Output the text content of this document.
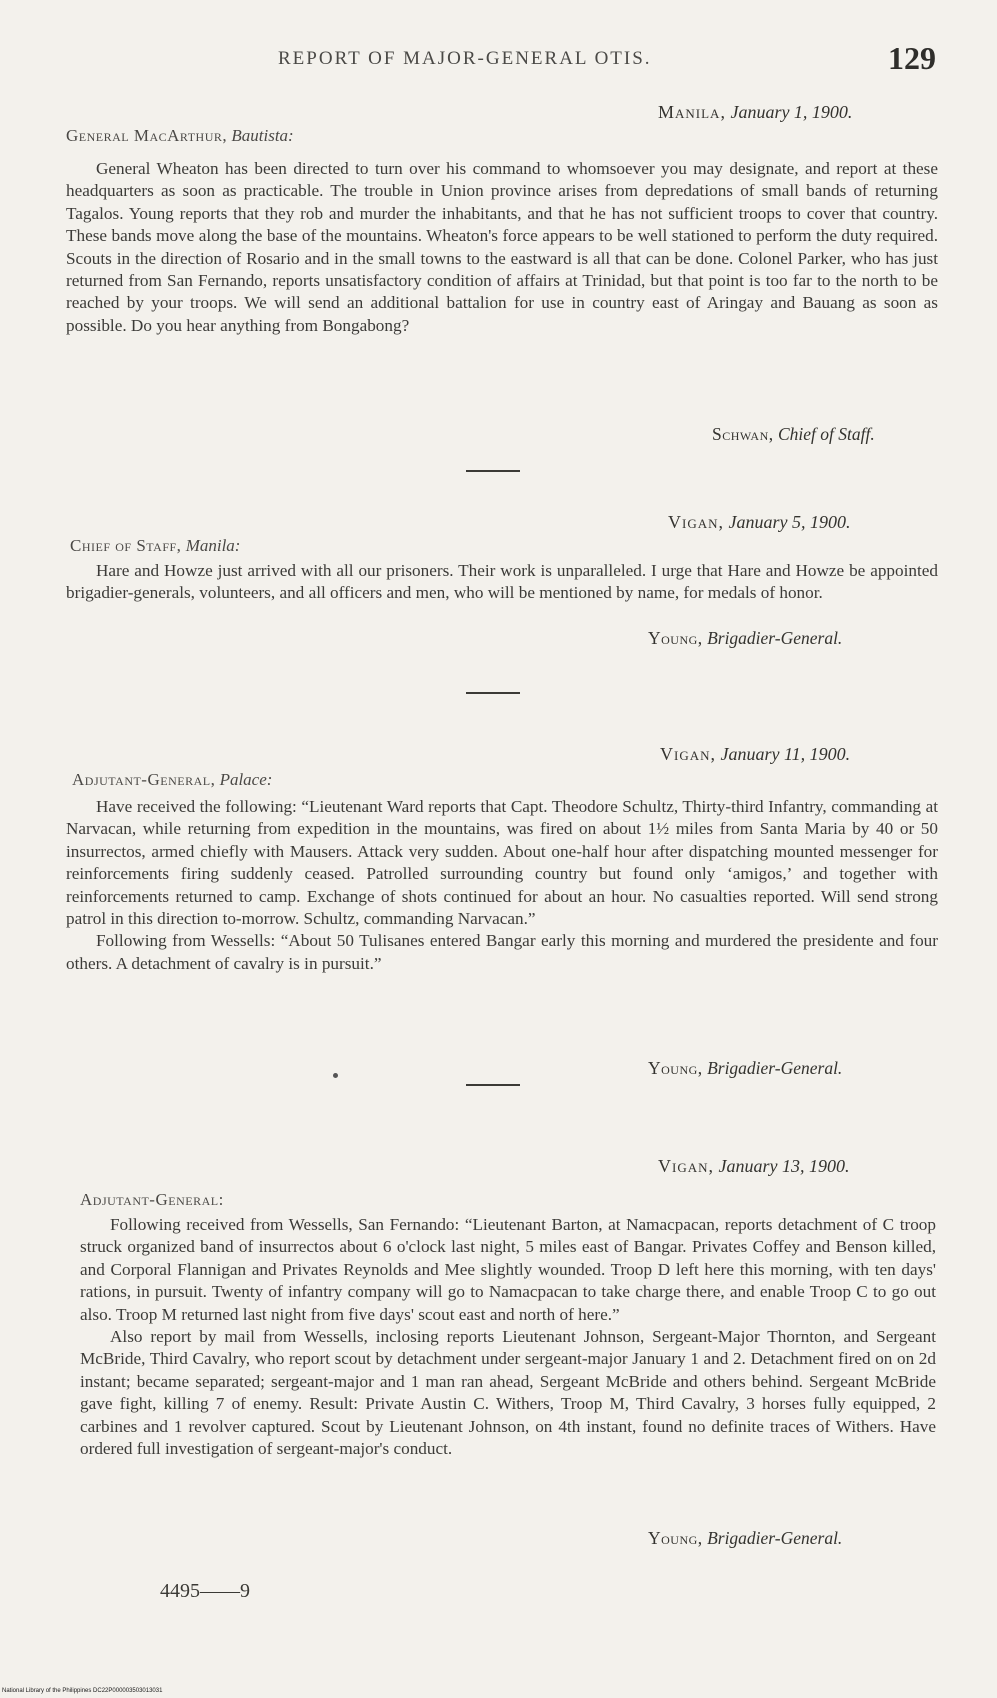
REPORT OF MAJOR-GENERAL OTIS.	129
Manila, January 1, 1900.
General MacArthur, Bautista:

General Wheaton has been directed to turn over his command to whomsoever you may designate, and report at these headquarters as soon as practicable. The trouble in Union province arises from depredations of small bands of returning Tagalos. Young reports that they rob and murder the inhabitants, and that he has not sufficient troops to cover that country. These bands move along the base of the mountains. Wheaton's force appears to be well stationed to perform the duty required. Scouts in the direction of Rosario and in the small towns to the eastward is all that can be done. Colonel Parker, who has just returned from San Fernando, reports unsatisfactory condition of affairs at Trinidad, but that point is too far to the north to be reached by your troops. We will send an additional battalion for use in country east of Aringay and Bauang as soon as possible. Do you hear anything from Bongabong?

Schwan, Chief of Staff.
Vigan, January 5, 1900.
Chief of Staff, Manila:

Hare and Howze just arrived with all our prisoners. Their work is unparalleled. I urge that Hare and Howze be appointed brigadier-generals, volunteers, and all officers and men, who will be mentioned by name, for medals of honor.

Young, Brigadier-General.
Vigan, January 11, 1900.
Adjutant-General, Palace:

Have received the following: “Lieutenant Ward reports that Capt. Theodore Schultz, Thirty-third Infantry, commanding at Narvacan, while returning from expedition in the mountains, was fired on about 1½ miles from Santa Maria by 40 or 50 insurrectos, armed chiefly with Mausers. Attack very sudden. About one-half hour after dispatching mounted messenger for reinforcements firing suddenly ceased. Patrolled surrounding country but found only ‘amigos,’ and together with reinforcements returned to camp. Exchange of shots continued for about an hour. No casualties reported. Will send strong patrol in this direction to-morrow. Schultz, commanding Narvacan.”

Following from Wessells: “About 50 Tulisanes entered Bangar early this morning and murdered the presidente and four others. A detachment of cavalry is in pursuit.”

Young, Brigadier-General.
Vigan, January 13, 1900.
Adjutant-General:

Following received from Wessells, San Fernando: “Lieutenant Barton, at Namacpacan, reports detachment of C troop struck organized band of insurrectos about 6 o'clock last night, 5 miles east of Bangar. Privates Coffey and Benson killed, and Corporal Flannigan and Privates Reynolds and Mee slightly wounded. Troop D left here this morning, with ten days' rations, in pursuit. Twenty of infantry company will go to Namacpacan to take charge there, and enable Troop C to go out also. Troop M returned last night from five days' scout east and north of here.”

Also report by mail from Wessells, inclosing reports Lieutenant Johnson, Sergeant-Major Thornton, and Sergeant McBride, Third Cavalry, who report scout by detachment under sergeant-major January 1 and 2. Detachment fired on on 2d instant; became separated; sergeant-major and 1 man ran ahead, Sergeant McBride and others behind. Sergeant McBride gave fight, killing 7 of enemy. Result: Private Austin C. Withers, Troop M, Third Cavalry, 3 horses fully equipped, 2 carbines and 1 revolver captured. Scout by Lieutenant Johnson, on 4th instant, found no definite traces of Withers. Have ordered full investigation of sergeant-major's conduct.

Young, Brigadier-General.
4495——9
National Library of the Philippines DC22P000003503013031
